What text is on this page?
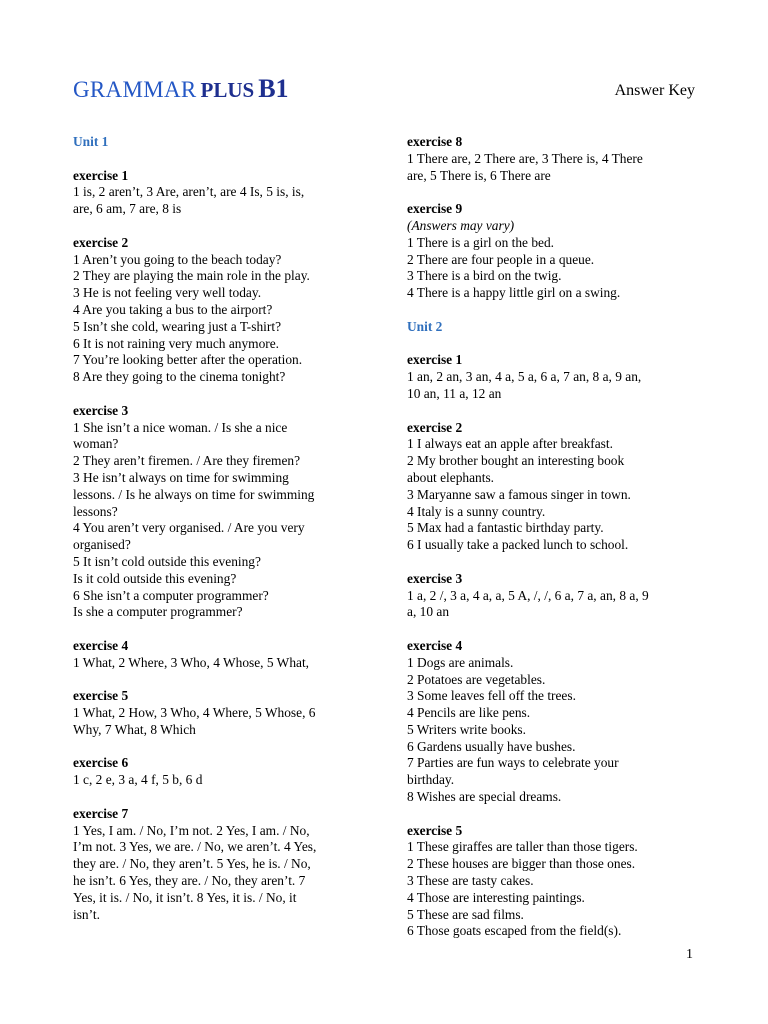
GRAMMAR PLUS B1	Answer Key
Unit 1
exercise 1
1 is, 2 aren’t, 3 Are, aren’t, are 4 Is, 5 is, is,
are, 6 am, 7 are, 8 is
exercise 2
1 Aren’t you going to the beach today?
2 They are playing the main role in the play.
3 He is not feeling very well today.
4 Are you taking a bus to the airport?
5 Isn’t she cold, wearing just a T-shirt?
6 It is not raining very much anymore.
7 You’re looking better after the operation.
8 Are they going to the cinema tonight?
exercise 3
1 She isn’t a nice woman. / Is she a nice
woman?
2 They aren’t firemen. / Are they firemen?
3 He isn’t always on time for swimming
lessons. / Is he always on time for swimming
lessons?
4 You aren’t very organised. / Are you very
organised?
5 It isn’t cold outside this evening?
Is it cold outside this evening?
6 She isn’t a computer programmer?
Is she a computer programmer?
exercise 4
1 What, 2 Where, 3 Who, 4 Whose, 5 What,
exercise 5
1 What, 2 How, 3 Who, 4 Where, 5 Whose, 6
Why, 7 What, 8 Which
exercise 6
1 c, 2 e, 3 a, 4 f, 5 b, 6 d
exercise 7
1 Yes, I am. / No, I’m not. 2 Yes, I am. / No,
I’m not. 3 Yes, we are. / No, we aren’t. 4 Yes,
they are. / No, they aren’t. 5 Yes, he is. / No,
he isn’t. 6 Yes, they are. / No, they aren’t. 7
Yes, it is. / No, it isn’t. 8 Yes, it is. / No, it
isn’t.
exercise 8
1 There are, 2 There are, 3 There is, 4 There
are, 5 There is, 6 There are
exercise 9
(Answers may vary)
1 There is a girl on the bed.
2 There are four people in a queue.
3 There is a bird on the twig.
4 There is a happy little girl on a swing.
Unit 2
exercise 1
1 an, 2 an, 3 an, 4 a, 5 a, 6 a, 7 an, 8 a, 9 an,
10 an, 11 a, 12 an
exercise 2
1 I always eat an apple after breakfast.
2 My brother bought an interesting book
about elephants.
3 Maryanne saw a famous singer in town.
4 Italy is a sunny country.
5 Max had a fantastic birthday party.
6 I usually take a packed lunch to school.
exercise 3
1 a, 2 /, 3 a, 4 a, a, 5 A, /, /, 6 a, 7 a, an, 8 a, 9
a, 10 an
exercise 4
1 Dogs are animals.
2 Potatoes are vegetables.
3 Some leaves fell off the trees.
4 Pencils are like pens.
5 Writers write books.
6 Gardens usually have bushes.
7 Parties are fun ways to celebrate your
birthday.
8 Wishes are special dreams.
exercise 5
1 These giraffes are taller than those tigers.
2 These houses are bigger than those ones.
3 These are tasty cakes.
4 Those are interesting paintings.
5 These are sad films.
6 Those goats escaped from the field(s).
1
